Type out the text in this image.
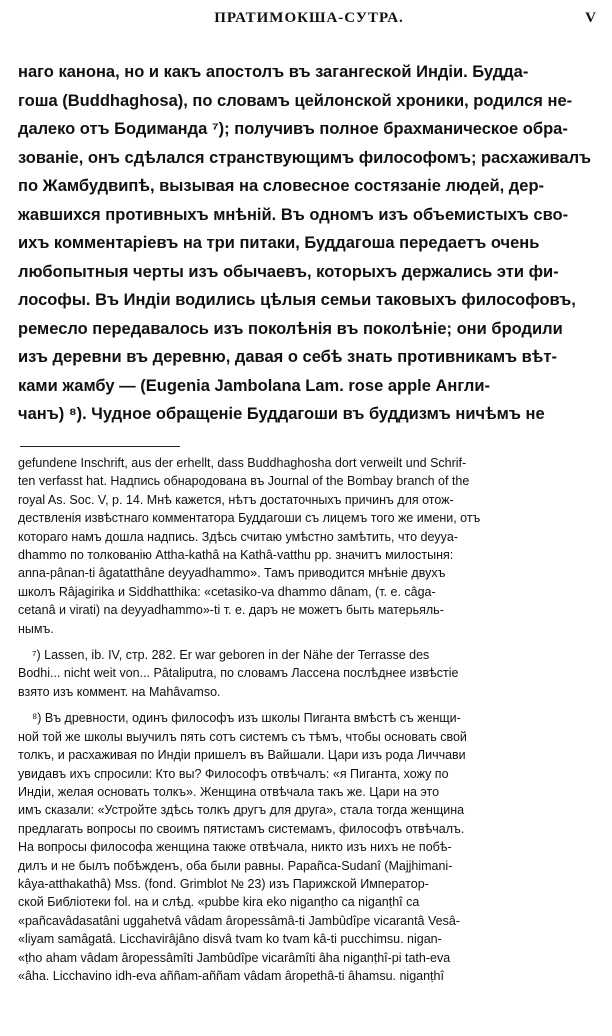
ПРАТИМОКША-СУТРА.	V
наго канона, но и какъ апостолъ въ загангеской Индіи. Будда-
гоша (Buddhaghosa), по словамъ цейлонской хроники, родился не-
далеко отъ Бодиманда ⁷); получивъ полное брахманическое обра-
зованіе, онъ сдѣлался странствующимъ философомъ; расхаживалъ
по Жамбудвипѣ, вызывая на словесное состязаніе людей, дер-
жавшихся противныхъ мнѣній. Въ одномъ изъ объемистыхъ сво-
ихъ комментаріевъ на три питаки, Буддагоша передаетъ очень
любопытныя черты изъ обычаевъ, которыхъ держались эти фи-
лософы. Въ Индіи водились цѣлыя семьи таковыхъ философовъ,
ремесло передавалось изъ поколѣнія въ поколѣніе; они бродили
изъ деревни въ деревню, давая о себѣ знать противникамъ вѣт-
ками жамбу — (Eugenia Jambolana Lam. rose apple Англи-
чанъ) ⁸). Чудное обращеніе Буддагоши въ буддизмъ ничѣмъ не
gefundene Inschrift, aus der erhellt, dass Buddhaghosha dort verweilt und Schrif-
ten verfasst hat. Надпись обнародована въ Journal of the Bombay branch of the
royal As. Soc. V, p. 14. Мнѣ кажется, нѣтъ достаточныхъ причинъ для отож-
дествленія извѣстнаго комментатора Буддагоши съ лицемъ того же имени, отъ
котораго намъ дошла надпись. Здѣсь считаю умѣстно замѣтить, что deyya-
dhammo по толкованію Attha-kathâ на Kathâ-vatthu pp. значитъ милостыня:
anna-pânan-ti âgatatthâne deyyadhammo». Тамъ приводится мнѣніе двухъ
школъ Râjagirika и Siddhatthika: «cetasiko-va dhammo dânam, (т. е. câga-
cetanâ и virati) na deyyadhammo»-ti т. е. даръ не можетъ быть матерьяль-
нымъ.
⁷) Lassen, ib. IV, стр. 282. Er war geboren in der Nähe der Terrasse des
Bodhi... nicht weit von... Pâtaliputra, по словамъ Лассена послѣднее извѣстіе
взято изъ коммент. на Mahâvamso.
⁸) Въ древности, одинъ философъ изъ школы Пиганта вмѣстѣ съ женщи-
ной той же школы выучилъ пять сотъ системъ съ тѣмъ, чтобы основать свой
толкъ, и расхаживая по Индіи пришелъ въ Вайшали. Цари изъ рода Личчави
увидавъ ихъ спросили: Кто вы? Философъ отвѣчалъ: «я Пиганта, хожу по
Индіи, желая основать толкъ». Женщина отвѣчала такъ же. Цари на это
имъ сказали: «Устройте здѣсь толкъ другъ для друга», стала тогда женщина
предлагать вопросы по своимъ пятистамъ системамъ, философъ отвѣчалъ.
На вопросы философа женщина также отвѣчала, никто изъ нихъ не побѣ-
дилъ и не былъ побѣжденъ, оба были равны. Papañca-Sudanî (Majjhimani-
kâya-atthakathâ) Mss. (fond. Grimblot № 23) изъ Парижской Император-
ской Библіотеки fol. на и слѣд. «pubbe kira eko niganṭho ca niganṭhî ca
«pañcavâdasatâni uggahetvâ vâdam âropessâmâ-ti Jambûdîpe vicarantâ Vesâ-
«liyam samâgatâ. Licchavirâjâno disvâ tvam ko tvam kâ-ti pucchimsu. nigan-
«ṭho aham vâdam âropessâmîti Jambûdîpe vicarâmîti âha niganṭhî-pi tath-eva
«âha. Licchavino idh-eva aññam-aññam vâdam âropethâ-ti âhamsu. niganṭhî
